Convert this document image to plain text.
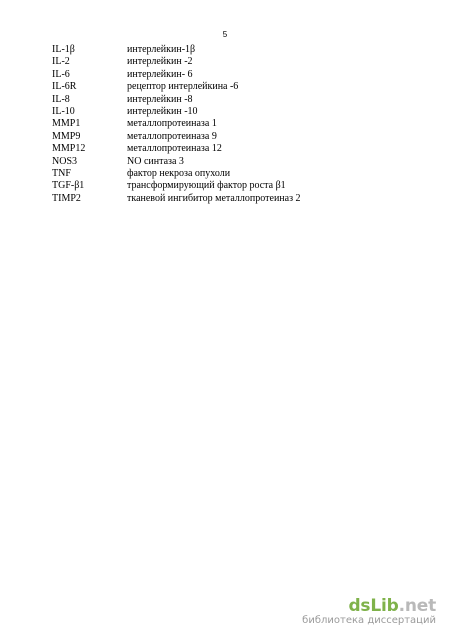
5
IL-1β	интерлейкин-1β
IL-2	интерлейкин -2
IL-6	интерлейкин- 6
IL-6R	рецептор интерлейкина -6
IL-8	интерлейкин -8
IL-10	интерлейкин -10
MMP1	металлопротеиназа 1
MMP9	металлопротеиназа 9
MMP12	металлопротеиназа 12
NOS3	NO синтаза 3
TNF	фактор некроза опухоли
TGF-β1	трансформирующий фактор роста β1
TIMP2	тканевой ингибитор металлопротеиназ 2
dsLib.net
библиотека диссертаций
